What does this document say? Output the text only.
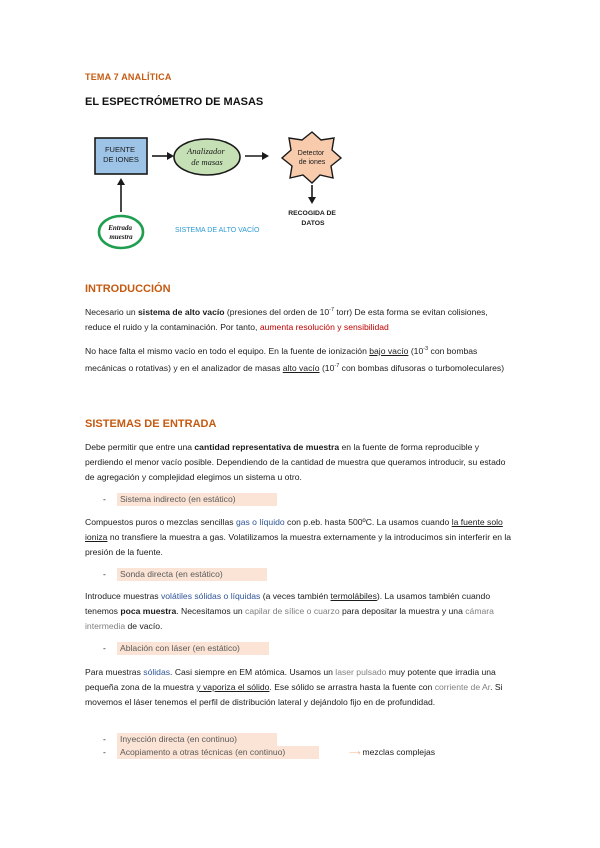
TEMA 7 ANALÍTICA
EL ESPECTRÓMETRO DE MASAS
FUENTE DE IONES
Analizador de masas
Detector de iones
RECOGIDA DE DATOS
Entrada muestra
SISTEMA DE ALTO VACÍO
INTRODUCCIÓN

Necesario un sistema de alto vacío (presiones del orden de $10^{-7}$ torr) De esta forma se evitan colisiones, reduce el ruido y la contaminación. Por tanto, aumenta resolución y sensibilidad

No hace falta el mismo vacío en todo el equipo. En la fuente de ionización bajo vacío ($10^{-3}$ con bombas mecánicas o rotativas) y en el analizador de masas alto vacío ($10^{-7}$ con bombas difusoras o turbomoleculares)

SISTEMAS DE ENTRADA

Debe permitir que entre una cantidad representativa de muestra en la fuente de forma reproducible y perdiendo el menor vacío posible. Dependiendo de la cantidad de muestra que queramos introducir, su estado de agregación y complejidad elegimos un sistema u otro.

-	Sistema indirecto (en estático)

Compuestos puros o mezclas sencillas gas o líquido con p.eb. hasta 500ºC. La usamos cuando la fuente solo ioniza no transfiere la muestra a gas. Volatilizamos la muestra externamente y la introducimos sin interferir en la presión de la fuente.

-	Sonda directa (en estático)

Introduce muestras volátiles sólidas o líquidas (a veces también termolábiles). La usamos también cuando tenemos poca muestra. Necesitamos un capilar de sílice o cuarzo para depositar la muestra y una cámara intermedia de vacío.

-	Ablación con láser (en estático)

Para muestras sólidas. Casi siempre en EM atómica. Usamos un laser pulsado muy potente que irradia una pequeña zona de la muestra y vaporiza el sólido. Ese sólido se arrastra hasta la fuente con corriente de Ar. Si movemos el láser tenemos el perfil de distribución lateral y dejándolo fijo en de profundidad.

-	Inyección directa (en continuo)
-	Acopiamento a otras técnicas (en continuo)	⟶ mezclas complejas
